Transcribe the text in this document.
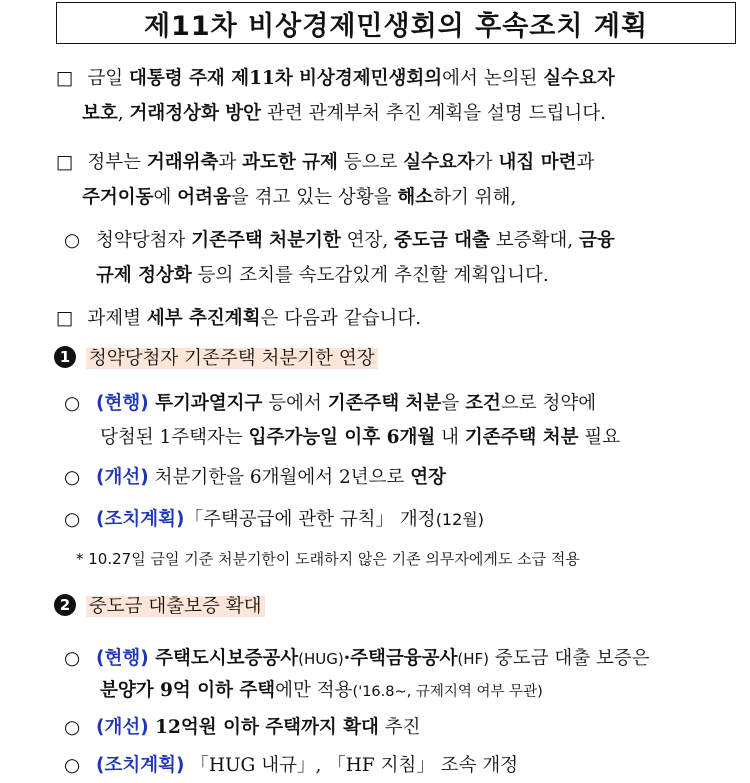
제11차 비상경제민생회의 후속조치 계획
□ 금일 대통령 주재 제11차 비상경제민생회의에서 논의된 실수요자
보호, 거래정상화 방안 관련 관계부처 추진 계획을 설명 드립니다.
□ 정부는 거래위축과 과도한 규제 등으로 실수요자가 내집 마련과
주거이동에 어려움을 겪고 있는 상황을 해소하기 위해,
○ 청약당첨자 기존주택 처분기한 연장, 중도금 대출 보증확대, 금융
규제 정상화 등의 조치를 속도감있게 추진할 계획입니다.
□ 과제별 세부 추진계획은 다음과 같습니다.
1 청약당첨자 기존주택 처분기한 연장
○ (현행) 투기과열지구 등에서 기존주택 처분을 조건으로 청약에
당첨된 1주택자는 입주가능일 이후 6개월 내 기존주택 처분 필요
○ (개선) 처분기한을 6개월에서 2년으로 연장
○ (조치계획)「주택공급에 관한 규칙」 개정(12월)
* 10.27일 금일 기준 처분기한이 도래하지 않은 기존 의무자에게도 소급 적용
2 중도금 대출보증 확대
○ (현행) 주택도시보증공사(HUG)·주택금융공사(HF) 중도금 대출 보증은
분양가 9억 이하 주택에만 적용('16.8~, 규제지역 여부 무관)
○ (개선) 12억원 이하 주택까지 확대 추진
○ (조치계획) 「HUG 내규」, 「HF 지침」 조속 개정
